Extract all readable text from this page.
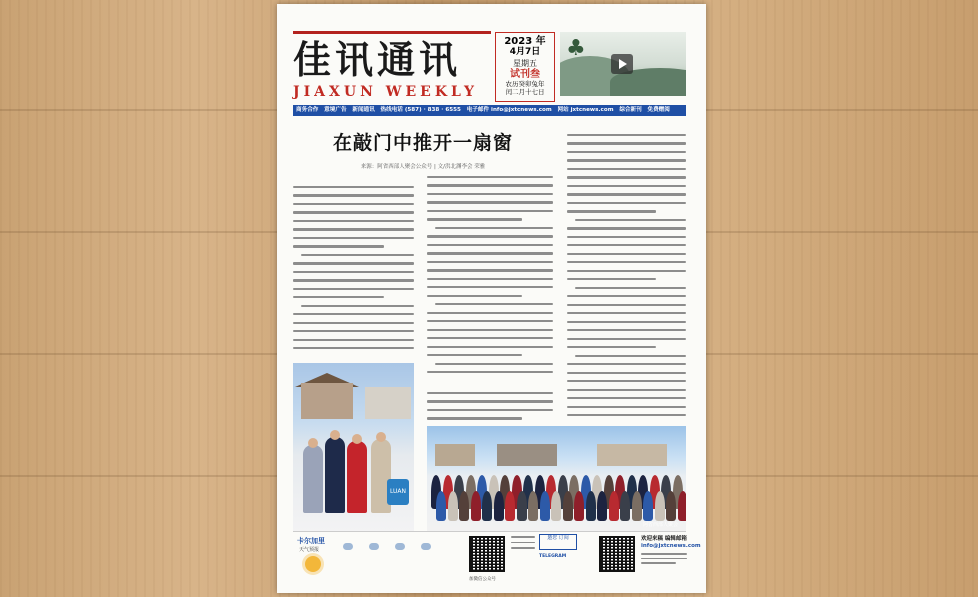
佳讯通讯
JIAXUN WEEKLY
2023 年
4月7日
星期五
试刊叁
农历癸卯兔年
闰二月十七日
♣
商务合作 意境广告 新闻通讯 热线电话 (587) · 838 · 6555 电子邮件 info@jxtcnews.com 网站 jxtcnews.com 综合新刊 免费赠阅
在敲门中推开一扇窗
来源：阿省西部人聚会公众号 | 文/洪北渊李会 荣雅
LUAN
阿省西部人聚会
卡尔加里
天气预报
加微信公众号
邀您 订阅
TELEGRAM
欢迎来稿 编辑邮箱
info@jxtcnews.com
